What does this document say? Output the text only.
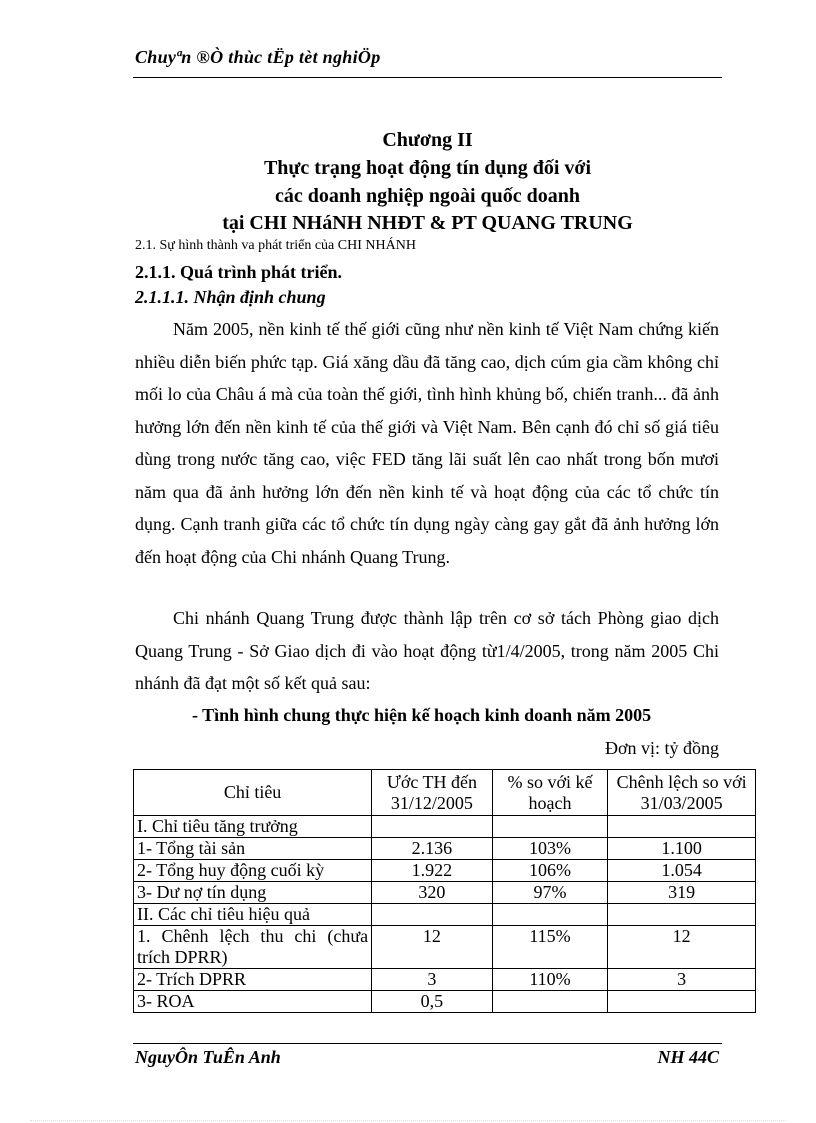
Chuyªn ®Ò thùc tËp tèt nghiÖp
Chương II
Thực trạng hoạt động tín dụng đối với
các doanh nghiệp ngoài quốc doanh
tại CHI NHáNH NHĐT & PT QUANG TRUNG
2.1. Sự hình thành va phát triển của CHI NHÁNH
2.1.1. Quá trình phát triển.
2.1.1.1. Nhận định chung

Năm 2005, nền kinh tế thế giới cũng như nền kinh tế Việt Nam chứng kiến nhiều diễn biến phức tạp. Giá xăng dầu đã tăng cao, dịch cúm gia cầm không chỉ mối lo của Châu á mà của toàn thế giới, tình hình khủng bố, chiến tranh... đã ảnh hưởng lớn đến nền kinh tế của thế giới và Việt Nam. Bên cạnh đó chỉ số giá tiêu dùng trong nước tăng cao, việc FED tăng lãi suất lên cao nhất trong bốn mươi năm qua đã ảnh hưởng lớn đến nền kinh tế và hoạt động của các tổ chức tín dụng. Cạnh tranh giữa các tổ chức tín dụng ngày càng gay gắt đã ảnh hưởng lớn đến hoạt động của Chi nhánh Quang Trung.

Chi nhánh Quang Trung được thành lập trên cơ sở tách Phòng giao dịch Quang Trung - Sở Giao dịch đi vào hoạt động từ1/4/2005, trong năm 2005 Chi nhánh đã đạt một số kết quả sau:

- Tình hình chung thực hiện kế hoạch kinh doanh năm 2005
Đơn vị: tỷ đồng
Chỉ tiêu	Ước TH đến 31/12/2005	% so với kế hoạch	Chênh lệch so với 31/03/2005
I. Chỉ tiêu tăng trưởng			
1- Tổng tài sản	2.136	103%	1.100
2- Tổng huy động cuối kỳ	1.922	106%	1.054
3- Dư nợ tín dụng	320	97%	319
II. Các chỉ tiêu hiệu quả			
1. Chênh lệch thu chi (chưa trích DPRR)	12	115%	12
2- Trích DPRR	3	110%	3
3- ROA	0,5		
NguyÔn TuÊn Anh	NH 44C
